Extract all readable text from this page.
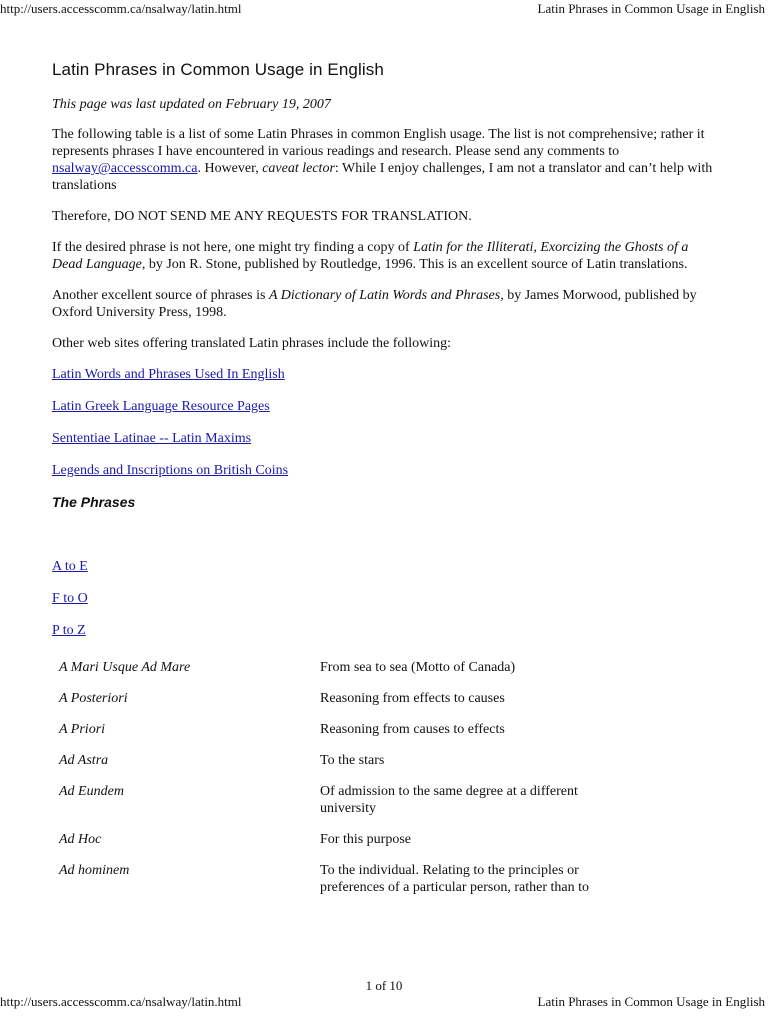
http://users.accesscomm.ca/nsalway/latin.html	Latin Phrases in Common Usage in English
Latin Phrases in Common Usage in English

This page was last updated on February 19, 2007

The following table is a list of some Latin Phrases in common English usage. The list is not comprehensive; rather it represents phrases I have encountered in various readings and research. Please send any comments to nsalway@accesscomm.ca. However, caveat lector: While I enjoy challenges, I am not a translator and can’t help with translations

Therefore, DO NOT SEND ME ANY REQUESTS FOR TRANSLATION.

If the desired phrase is not here, one might try finding a copy of Latin for the Illiterati, Exorcizing the Ghosts of a Dead Language, by Jon R. Stone, published by Routledge, 1996. This is an excellent source of Latin translations.

Another excellent source of phrases is A Dictionary of Latin Words and Phrases, by James Morwood, published by Oxford University Press, 1998.

Other web sites offering translated Latin phrases include the following:

Latin Words and Phrases Used In English

Latin Greek Language Resource Pages

Sententiae Latinae -- Latin Maxims

Legends and Inscriptions on British Coins

The Phrases

A to E

F to O

P to Z

A Mari Usque Ad Mare	From sea to sea (Motto of Canada)
A Posteriori	Reasoning from effects to causes
A Priori	Reasoning from causes to effects
Ad Astra	To the stars
Ad Eundem	Of admission to the same degree at a different university
Ad Hoc	For this purpose
Ad hominem	To the individual. Relating to the principles or preferences of a particular person, rather than to
1 of 10
http://users.accesscomm.ca/nsalway/latin.html	Latin Phrases in Common Usage in English
